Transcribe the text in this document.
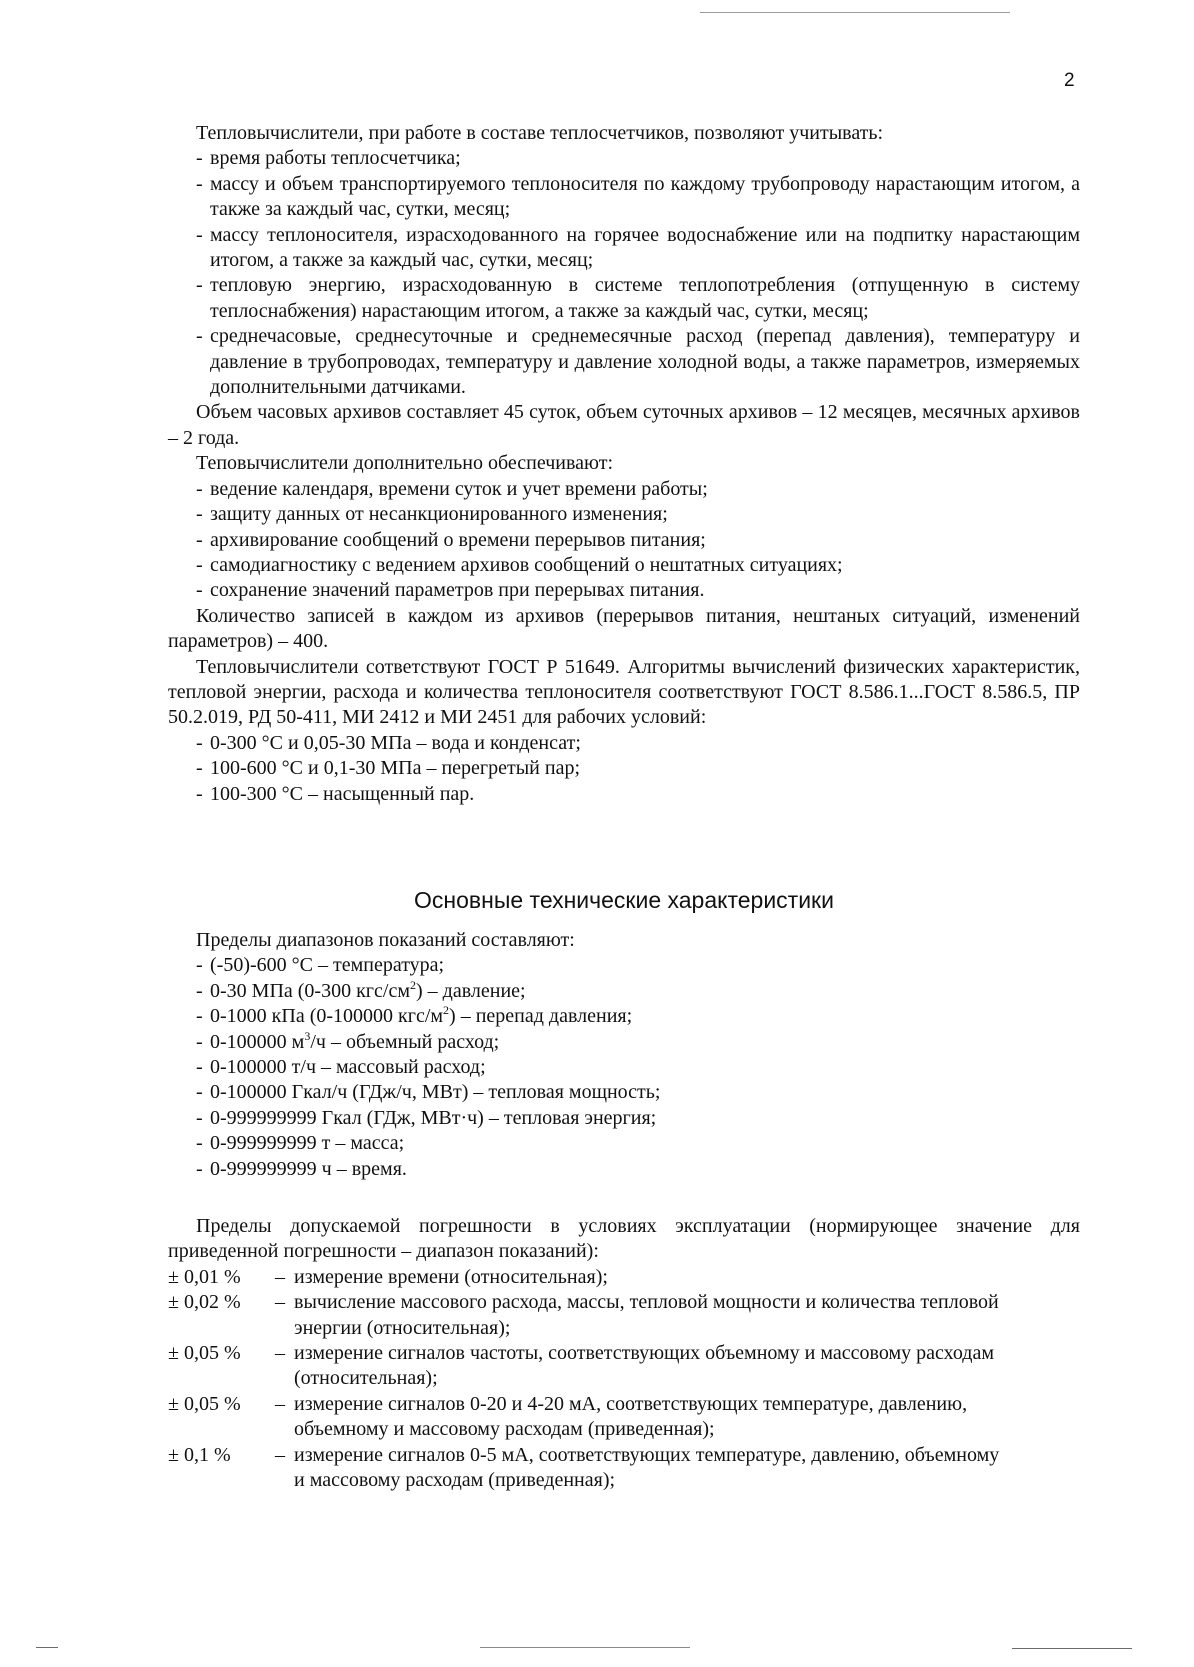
2

Тепловычислители, при работе в составе теплосчетчиков, позволяют учитывать:

- время работы теплосчетчика;
- массу и объем транспортируемого теплоносителя по каждому трубопроводу нарастающим итогом, а также за каждый час, сутки, месяц;
- массу теплоносителя, израсходованного на горячее водоснабжение или на подпитку нарастающим итогом, а также за каждый час, сутки, месяц;
- тепловую энергию, израсходованную в системе теплопотребления (отпущенную в систему теплоснабжения) нарастающим итогом, а также за каждый час, сутки, месяц;
- среднечасовые, среднесуточные и среднемесячные расход (перепад давления), температуру и давление в трубопроводах, температуру и давление холодной воды, а также параметров, измеряемых дополнительными датчиками.

Объем часовых архивов составляет 45 суток, объем суточных архивов – 12 месяцев, месячных архивов – 2 года.

Теповычислители дополнительно обеспечивают:

- ведение календаря, времени суток и учет времени работы;
- защиту данных от несанкционированного изменения;
- архивирование сообщений о времени перерывов питания;
- самодиагностику с ведением архивов сообщений о нештатных ситуациях;
- сохранение значений параметров при перерывах питания.

Количество записей в каждом из архивов (перерывов питания, нештаных ситуаций, изменений параметров) – 400.

Тепловычислители сответствуют ГОСТ Р 51649. Алгоритмы вычислений физических характеристик, тепловой энергии, расхода и количества теплоносителя соответствуют ГОСТ 8.586.1...ГОСТ 8.586.5, ПР 50.2.019, РД 50-411, МИ 2412 и МИ 2451 для рабочих условий:

- 0-300 °С и 0,05-30 МПа – вода и конденсат;
- 100-600 °С и 0,1-30 МПа – перегретый пар;
- 100-300 °С – насыщенный пар.
Основные технические характеристики

Пределы диапазонов показаний составляют:

- (-50)-600 °С – температура;
- 0-30 МПа (0-300 кгс/$см^2$) – давление;
- 0-1000 кПа (0-100000 кгс/$м^2$) – перепад давления;
- 0-100000 $м^3/ч$ – объемный расход;
- 0-100000 т/ч – массовый расход;
- 0-100000 Гкал/ч (ГДж/ч, МВт) – тепловая мощность;
- 0-999999999 Гкал (ГДж, МВт·ч) – тепловая энергия;
- 0-999999999 т – масса;
- 0-999999999 ч – время.

Пределы допускаемой погрешности в условиях эксплуатации (нормирующее значение для приведенной погрешности – диапазон показаний):

± 0,01 %	– измерение времени (относительная);
± 0,02 %	– вычисление массового расхода, массы, тепловой мощности и количества тепловой энергии (относительная);
± 0,05 %	– измерение сигналов частоты, соответствующих объемному и массовому расходам (относительная);
± 0,05 %	– измерение сигналов 0-20 и 4-20 мА, соответствующих температуре, давлению, объемному и массовому расходам (приведенная);
± 0,1 %	– измерение сигналов 0-5 мА, соответствующих температуре, давлению, объемному и массовому расходам (приведенная);
